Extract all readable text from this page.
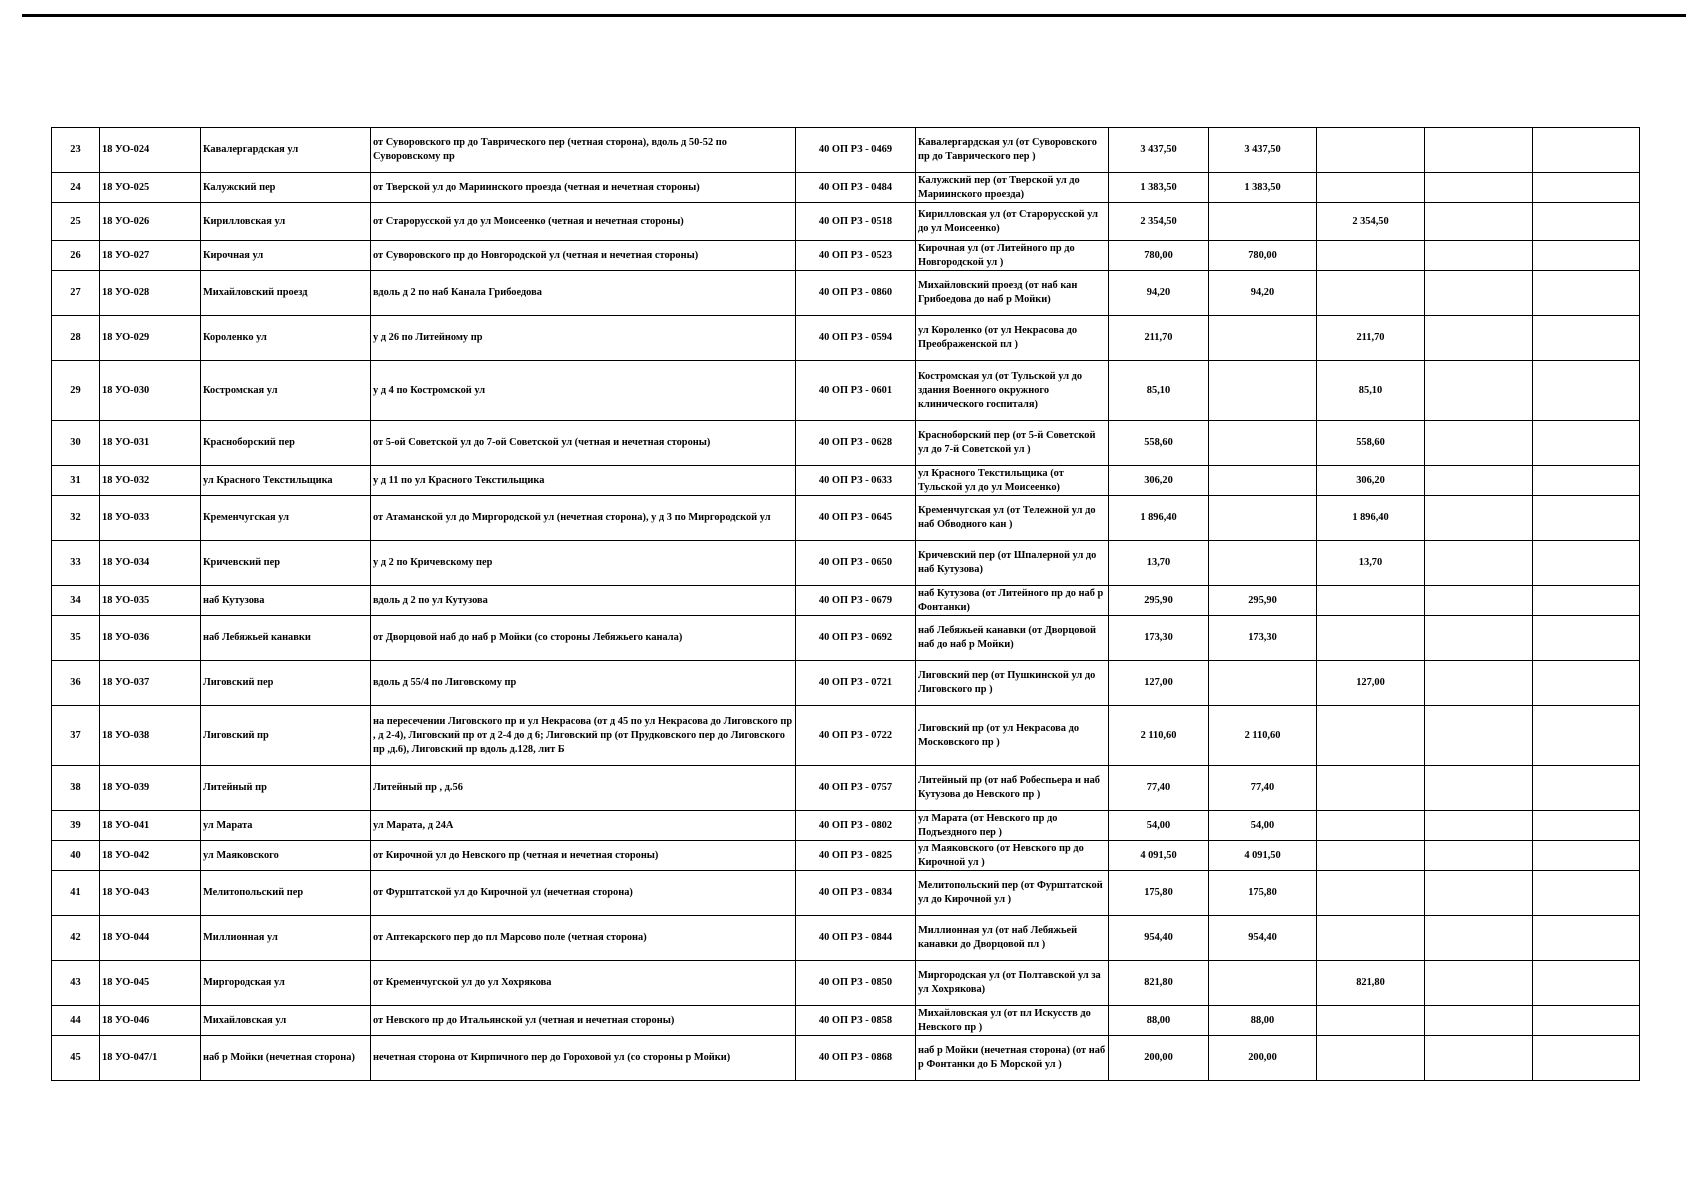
23	18 УО-024	Кавалергардская ул	от Суворовского пр до Таврического пер (четная сторона), вдоль д 50-52 по Суворовскому пр	40 ОП РЗ - 0469	Кавалергардская ул (от Суворовского пр до Таврического пер )	3 437,50	3 437,50			
24	18 УО-025	Калужский пер	от Тверской ул до Мариинского проезда (четная и нечетная стороны)	40 ОП РЗ - 0484	Калужский пер (от Тверской ул до Мариинского проезда)	1 383,50	1 383,50			
25	18 УО-026	Кирилловская ул	от Старорусской ул до ул Моисеенко (четная и нечетная стороны)	40 ОП РЗ - 0518	Кирилловская ул (от Старорусской ул до ул Моисеенко)	2 354,50		2 354,50		
26	18 УО-027	Кирочная ул	от Суворовского пр до Новгородской ул (четная и нечетная стороны)	40 ОП РЗ - 0523	Кирочная ул (от Литейного пр до Новгородской ул )	780,00	780,00			
27	18 УО-028	Михайловский проезд	вдоль д 2 по наб Канала Грибоедова	40 ОП РЗ - 0860	Михайловский проезд (от наб кан Грибоедова до наб р Мойки)	94,20	94,20			
28	18 УО-029	Короленко ул	у д 26 по Литейному пр	40 ОП РЗ - 0594	ул Короленко (от ул Некрасова до Преображенской пл )	211,70		211,70		
29	18 УО-030	Костромская ул	у д 4 по Костромской ул	40 ОП РЗ - 0601	Костромская ул (от Тульской ул до здания Военного окружного клинического госпиталя)	85,10		85,10		
30	18 УО-031	Красноборский пер	от 5-ой Советской ул до 7-ой Советской ул (четная и нечетная стороны)	40 ОП РЗ - 0628	Красноборский пер (от 5-й Советской ул до 7-й Советской ул )	558,60		558,60		
31	18 УО-032	ул Красного Текстильщика	у д 11 по ул Красного Текстильщика	40 ОП РЗ - 0633	ул Красного Текстильщика (от Тульской ул до ул Моисеенко)	306,20		306,20		
32	18 УО-033	Кременчугская ул	от Атаманской ул до Миргородской ул (нечетная сторона), у д 3 по Миргородской ул	40 ОП РЗ - 0645	Кременчугская ул (от Тележной ул до наб Обводного кан )	1 896,40		1 896,40		
33	18 УО-034	Кричевский пер	у д 2 по Кричевскому пер	40 ОП РЗ - 0650	Кричевский пер (от Шпалерной ул до наб Кутузова)	13,70		13,70		
34	18 УО-035	наб Кутузова	вдоль д 2 по ул Кутузова	40 ОП РЗ - 0679	наб Кутузова (от Литейного пр до наб р Фонтанки)	295,90	295,90			
35	18 УО-036	наб Лебяжьей канавки	от Дворцовой наб до наб р Мойки (со стороны Лебяжьего канала)	40 ОП РЗ - 0692	наб Лебяжьей канавки (от Дворцовой наб до наб р Мойки)	173,30	173,30			
36	18 УО-037	Лиговский пер	вдоль д 55/4 по Лиговскому пр	40 ОП РЗ - 0721	Лиговский пер (от Пушкинской ул до Лиговского пр )	127,00		127,00		
37	18 УО-038	Лиговский пр	на пересечении Лиговского пр и ул Некрасова (от д 45 по ул Некрасова до Лиговского пр , д 2-4), Лиговский пр от д 2-4 до д 6; Лиговский пр (от Прудковского пер до Лиговского пр ,д.6), Лиговский пр вдоль д.128, лит Б	40 ОП РЗ - 0722	Лиговский пр (от ул Некрасова до Московского пр )	2 110,60	2 110,60			
38	18 УО-039	Литейный пр	Литейный пр , д.56	40 ОП РЗ - 0757	Литейный пр (от наб Робеспьера и наб Кутузова до Невского пр )	77,40	77,40			
39	18 УО-041	ул Марата	ул Марата, д 24А	40 ОП РЗ - 0802	ул Марата (от Невского пр до Подъездного пер )	54,00	54,00			
40	18 УО-042	ул Маяковского	от Кирочной ул до Невского пр (четная и нечетная стороны)	40 ОП РЗ - 0825	ул Маяковского (от Невского пр до Кирочной ул )	4 091,50	4 091,50			
41	18 УО-043	Мелитопольский пер	от Фурштатской ул до Кирочной ул (нечетная сторона)	40 ОП РЗ - 0834	Мелитопольский пер (от Фурштатской ул до Кирочной ул )	175,80	175,80			
42	18 УО-044	Миллионная ул	от Аптекарского пер до пл Марсово поле (четная сторона)	40 ОП РЗ - 0844	Миллионная ул (от наб Лебяжьей канавки до Дворцовой пл )	954,40	954,40			
43	18 УО-045	Миргородская ул	от Кременчугской ул до ул Хохрякова	40 ОП РЗ - 0850	Миргородская ул (от Полтавской ул за ул Хохрякова)	821,80		821,80		
44	18 УО-046	Михайловская ул	от Невского пр до Итальянской ул (четная и нечетная стороны)	40 ОП РЗ - 0858	Михайловская ул (от пл Искусств до Невского пр )	88,00	88,00			
45	18 УО-047/1	наб р Мойки (нечетная сторона)	нечетная сторона от Кирпичного пер до Гороховой ул (со стороны р Мойки)	40 ОП РЗ - 0868	наб р Мойки (нечетная сторона) (от наб р Фонтанки до Б Морской ул )	200,00	200,00			
